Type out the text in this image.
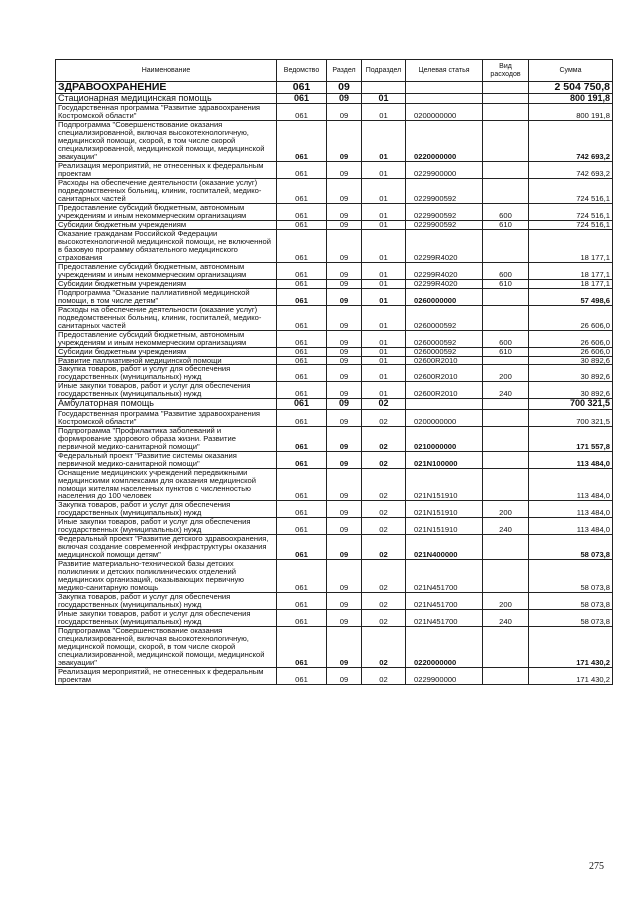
Наименование	Ведомство	Раздел	Подраздел	Целевая статья	Вид расходов	Сумма
ЗДРАВООХРАНЕНИЕ	061	09				2 504 750,8
Стационарная медицинская помощь	061	09	01			800 191,8
Государственная программа "Развитие здравоохранения Костромской области"	061	09	01	0200000000		800 191,8
Подпрограмма "Совершенствование оказания специализированной, включая высокотехнологичную, медицинской помощи, скорой, в том числе скорой специализированной, медицинской помощи, медицинской эвакуации"	061	09	01	0220000000		742 693,2
Реализация мероприятий, не отнесенных к федеральным проектам	061	09	01	0229900000		742 693,2
Расходы на обеспечение деятельности (оказание услуг) подведомственных больниц, клиник, госпиталей, медико-санитарных частей	061	09	01	0229900592		724 516,1
Предоставление субсидий бюджетным, автономным учреждениям и иным некоммерческим организациям	061	09	01	0229900592	600	724 516,1
Субсидии бюджетным учреждениям	061	09	01	0229900592	610	724 516,1
Оказание гражданам Российской Федерации высокотехнологичной медицинской помощи, не включенной в базовую программу обязательного медицинского страхования	061	09	01	02299R4020		18 177,1
Предоставление субсидий бюджетным, автономным учреждениям и иным некоммерческим организациям	061	09	01	02299R4020	600	18 177,1
Субсидии бюджетным учреждениям	061	09	01	02299R4020	610	18 177,1
Подпрограмма "Оказание паллиативной медицинской помощи, в том числе детям"	061	09	01	0260000000		57 498,6
Расходы на обеспечение деятельности (оказание услуг) подведомственных больниц, клиник, госпиталей, медико-санитарных частей	061	09	01	0260000592		26 606,0
Предоставление субсидий бюджетным, автономным учреждениям и иным некоммерческим организациям	061	09	01	0260000592	600	26 606,0
Субсидии бюджетным учреждениям	061	09	01	0260000592	610	26 606,0
Развитие паллиативной медицинской помощи	061	09	01	02600R2010		30 892,6
Закупка товаров, работ и услуг для обеспечения государственных (муниципальных) нужд	061	09	01	02600R2010	200	30 892,6
Иные закупки товаров, работ и услуг для обеспечения государственных (муниципальных) нужд	061	09	01	02600R2010	240	30 892,6
Амбулаторная помощь	061	09	02			700 321,5
Государственная программа "Развитие здравоохранения Костромской области"	061	09	02	0200000000		700 321,5
Подпрограмма "Профилактика заболеваний и формирование здорового образа жизни. Развитие первичной медико-санитарной помощи"	061	09	02	0210000000		171 557,8
Федеральный проект "Развитие системы оказания первичной медико-санитарной помощи"	061	09	02	021N100000		113 484,0
Оснащение медицинских учреждений передвижными медицинскими комплексами для оказания медицинской помощи жителям населенных пунктов с численностью населения до 100 человек	061	09	02	021N151910		113 484,0
Закупка товаров, работ и услуг для обеспечения государственных (муниципальных) нужд	061	09	02	021N151910	200	113 484,0
Иные закупки товаров, работ и услуг для обеспечения государственных (муниципальных) нужд	061	09	02	021N151910	240	113 484,0
Федеральный проект "Развитие детского здравоохранения, включая создание современной инфраструктуры оказания медицинской помощи детям"	061	09	02	021N400000		58 073,8
Развитие материально-технической базы детских поликлиник и детских поликлинических отделений медицинских организаций, оказывающих первичную медико-санитарную помощь	061	09	02	021N451700		58 073,8
Закупка товаров, работ и услуг для обеспечения государственных (муниципальных) нужд	061	09	02	021N451700	200	58 073,8
Иные закупки товаров, работ и услуг для обеспечения государственных (муниципальных) нужд	061	09	02	021N451700	240	58 073,8
Подпрограмма "Совершенствование оказания специализированной, включая высокотехнологичную, медицинской помощи, скорой, в том числе скорой специализированной, медицинской помощи, медицинской эвакуации"	061	09	02	0220000000		171 430,2
Реализация мероприятий, не отнесенных к федеральным проектам	061	09	02	0229900000		171 430,2
275
